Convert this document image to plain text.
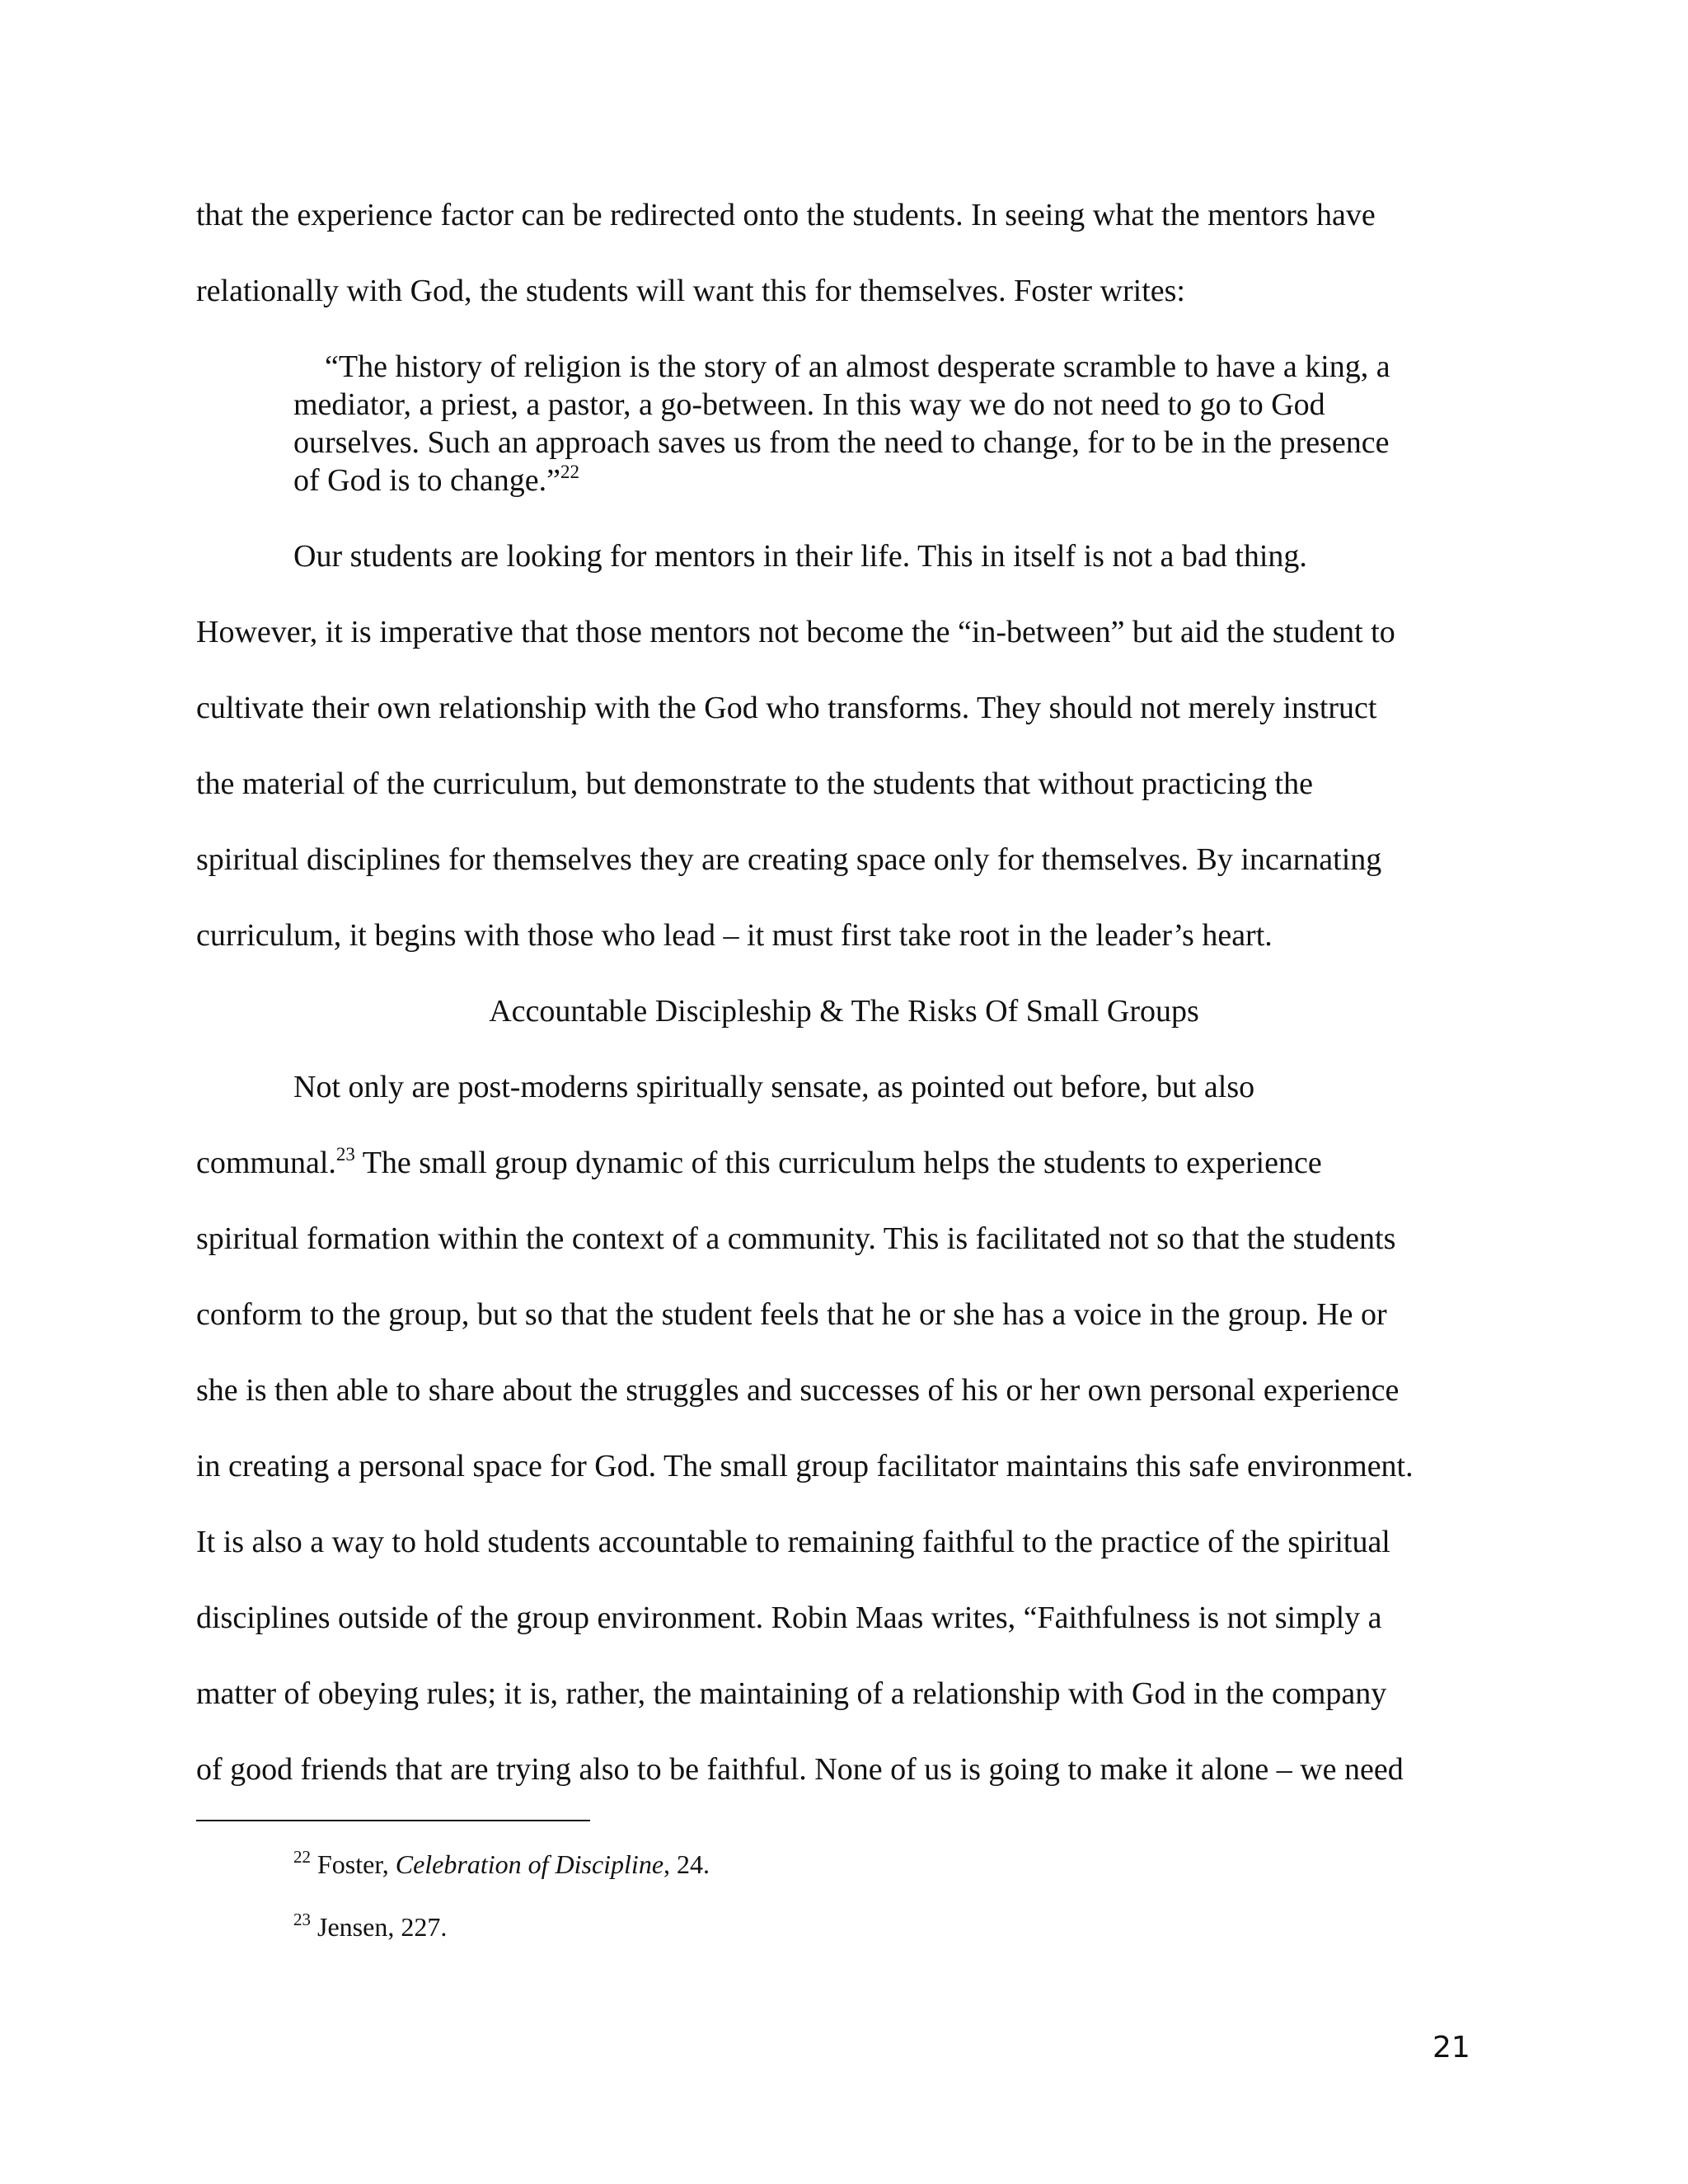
that the experience factor can be redirected onto the students. In seeing what the mentors have
relationally with God, the students will want this for themselves. Foster writes:
“The history of religion is the story of an almost desperate scramble to have a king, a
mediator, a priest, a pastor, a go-between. In this way we do not need to go to God
ourselves. Such an approach saves us from the need to change, for to be in the presence
of God is to change.”$^{22}$
Our students are looking for mentors in their life. This in itself is not a bad thing.
However, it is imperative that those mentors not become the “in-between” but aid the student to
cultivate their own relationship with the God who transforms. They should not merely instruct
the material of the curriculum, but demonstrate to the students that without practicing the
spiritual disciplines for themselves they are creating space only for themselves. By incarnating
curriculum, it begins with those who lead – it must first take root in the leader’s heart.
Accountable Discipleship & The Risks Of Small Groups
Not only are post-moderns spiritually sensate, as pointed out before, but also
communal.$^{23}$ The small group dynamic of this curriculum helps the students to experience
spiritual formation within the context of a community. This is facilitated not so that the students
conform to the group, but so that the student feels that he or she has a voice in the group. He or
she is then able to share about the struggles and successes of his or her own personal experience
in creating a personal space for God. The small group facilitator maintains this safe environment.
It is also a way to hold students accountable to remaining faithful to the practice of the spiritual
disciplines outside of the group environment. Robin Maas writes, “Faithfulness is not simply a
matter of obeying rules; it is, rather, the maintaining of a relationship with God in the company
of good friends that are trying also to be faithful. None of us is going to make it alone – we need
$^{22}$ Foster, Celebration of Discipline, 24.
$^{23}$ Jensen, 227.
21
